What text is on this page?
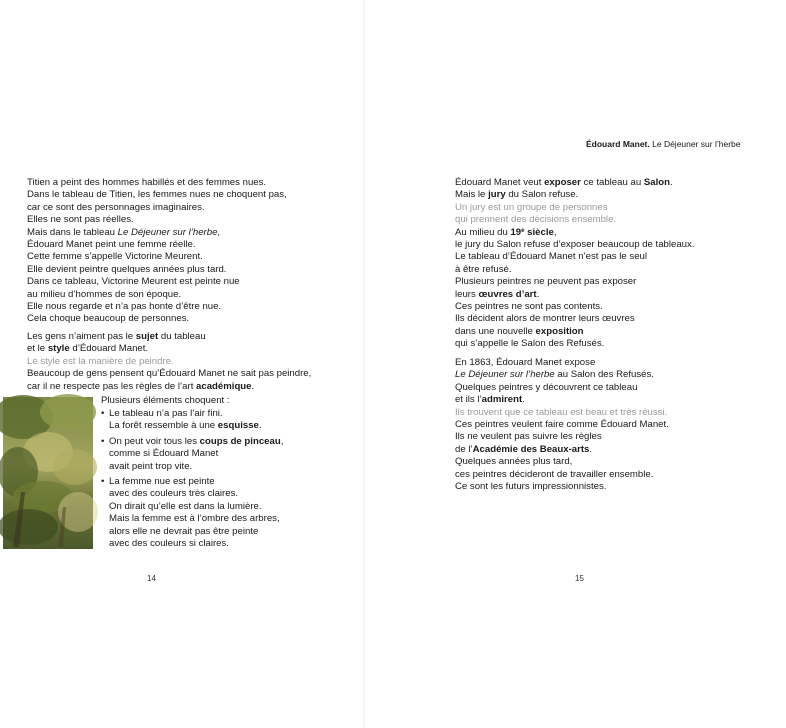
Édouard Manet. Le Déjeuner sur l’herbe
Titien a peint des hommes habillés et des femmes nues.
Dans le tableau de Titien, les femmes nues ne choquent pas,
car ce sont des personnages imaginaires.
Elles ne sont pas réelles.
Mais dans le tableau Le Déjeuner sur l’herbe,
Édouard Manet peint une femme réelle.
Cette femme s’appelle Victorine Meurent.
Elle devient peintre quelques années plus tard.
Dans ce tableau, Victorine Meurent est peinte nue
au milieu d’hommes de son époque.
Elle nous regarde et n’a pas honte d’être nue.
Cela choque beaucoup de personnes.
Les gens n’aiment pas le sujet du tableau
et le style d’Édouard Manet.
Le style est la manière de peindre.
Beaucoup de gens pensent qu’Édouard Manet ne sait pas peindre,
car il ne respecte pas les règles de l’art académique.
Plusieurs éléments choquent :
• Le tableau n’a pas l’air fini.
La forêt ressemble à une esquisse.
• On peut voir tous les coups de pinceau,
comme si Édouard Manet
avait peint trop vite.
• La femme nue est peinte
avec des couleurs très claires.
On dirait qu’elle est dans la lumière.
Mais la femme est à l’ombre des arbres,
alors elle ne devrait pas être peinte
avec des couleurs si claires.
14
Édouard Manet veut exposer ce tableau au Salon.
Mais le jury du Salon refuse.
Un jury est un groupe de personnes
qui prennent des décisions ensemble.
Au milieu du 19e siècle,
le jury du Salon refuse d’exposer beaucoup de tableaux.
Le tableau d’Édouard Manet n’est pas le seul
à être refusé.
Plusieurs peintres ne peuvent pas exposer
leurs œuvres d’art.
Ces peintres ne sont pas contents.
Ils décident alors de montrer leurs œuvres
dans une nouvelle exposition
qui s’appelle le Salon des Refusés.
En 1863, Édouard Manet expose
Le Déjeuner sur l’herbe au Salon des Refusés.
Quelques peintres y découvrent ce tableau
et ils l’admirent.
Ils trouvent que ce tableau est beau et très réussi.
Ces peintres veulent faire comme Édouard Manet.
Ils ne veulent pas suivre les règles
de l’Académie des Beaux-arts.
Quelques années plus tard,
ces peintres décideront de travailler ensemble.
Ce sont les futurs impressionnistes.
15
